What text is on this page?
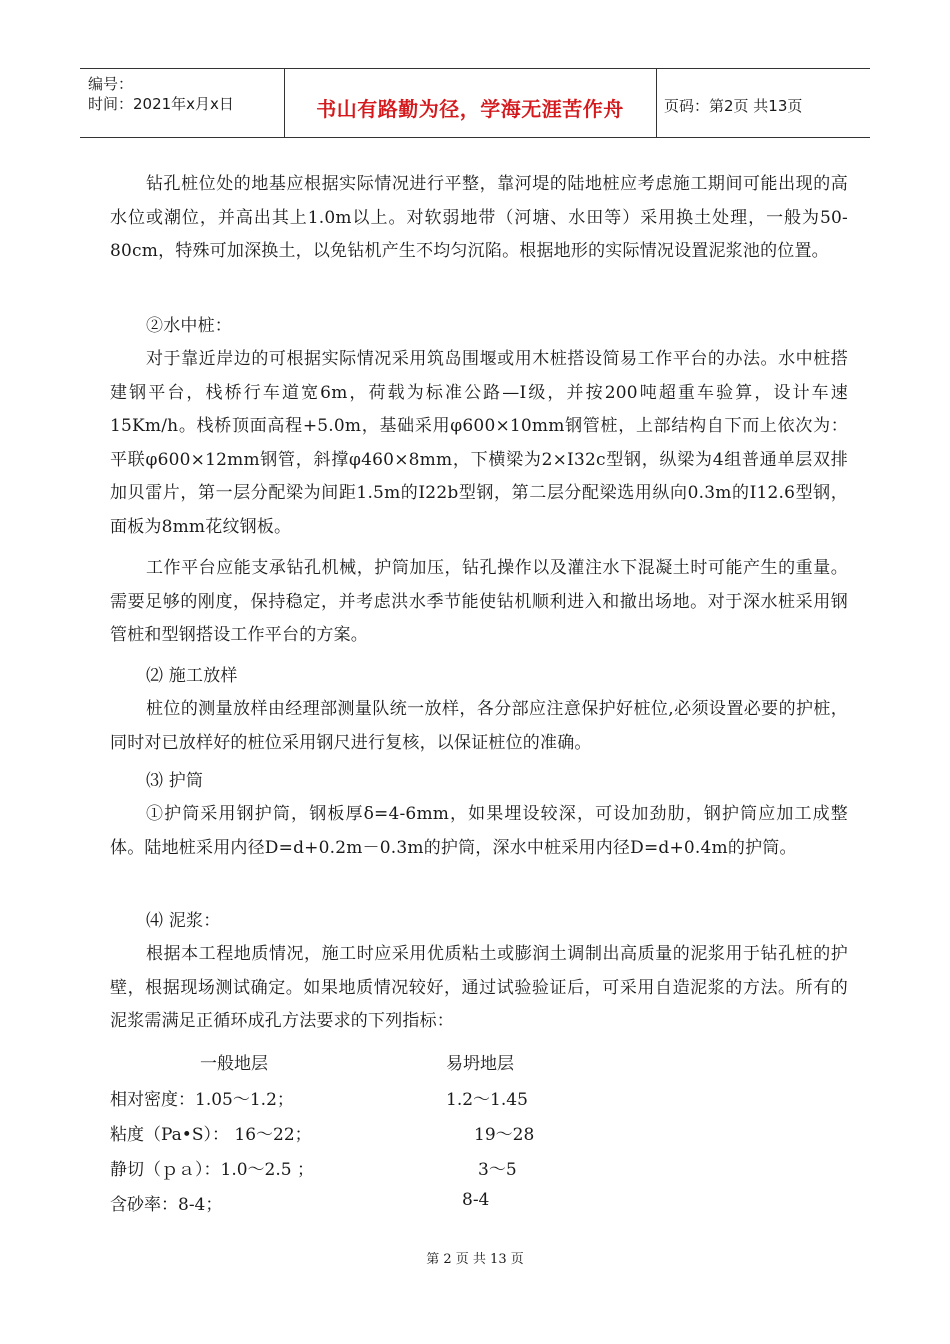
编号：
时间：2021年x月x日	书山有路勤为径，学海无涯苦作舟	页码：第2页 共13页

钻孔桩位处的地基应根据实际情况进行平整，靠河堤的陆地桩应考虑施工期间可能出现的高水位或潮位，并高出其上1.0m以上。对软弱地带（河塘、水田等）采用换土处理，一般为50-80cm，特殊可加深换土，以免钻机产生不均匀沉陷。根据地形的实际情况设置泥浆池的位置。

②水中桩：

对于靠近岸边的可根据实际情况采用筑岛围堰或用木桩搭设简易工作平台的办法。水中桩搭建钢平台，栈桥行车道宽6m，荷载为标准公路—I级，并按200吨超重车验算，设计车速15Km/h。栈桥顶面高程+5.0m，基础采用φ600×10mm钢管桩，上部结构自下而上依次为：平联φ600×12mm钢管，斜撑φ460×8mm，下横梁为2×I32c型钢，纵梁为4组普通单层双排加贝雷片，第一层分配梁为间距1.5m的I22b型钢，第二层分配梁选用纵向0.3m的I12.6型钢，面板为8mm花纹钢板。

工作平台应能支承钻孔机械，护筒加压，钻孔操作以及灌注水下混凝土时可能产生的重量。需要足够的刚度，保持稳定，并考虑洪水季节能使钻机顺利进入和撤出场地。对于深水桩采用钢管桩和型钢搭设工作平台的方案。

⑵ 施工放样

桩位的测量放样由经理部测量队统一放样，各分部应注意保护好桩位,必须设置必要的护桩，同时对已放样好的桩位采用钢尺进行复核，以保证桩位的准确。

⑶ 护筒

①护筒采用钢护筒，钢板厚δ=4-6mm，如果埋设较深，可设加劲肋，钢护筒应加工成整体。陆地桩采用内径D=d+0.2m－0.3m的护筒，深水中桩采用内径D=d+0.4m的护筒。

⑷ 泥浆：

根据本工程地质情况，施工时应采用优质粘土或膨润土调制出高质量的泥浆用于钻孔桩的护壁，根据现场测试确定。如果地质情况较好，通过试验验证后，可采用自造泥浆的方法。所有的泥浆需满足正循环成孔方法要求的下列指标：

一般地层	易坍地层
相对密度：1.05～1.2；	1.2～1.45
粘度（Pa•S）： 16～22；	19～28
静切（ｐａ）：1.0～2.5 ；	3～5
含砂率：8-4；	8-4
第 2 页 共 13 页
